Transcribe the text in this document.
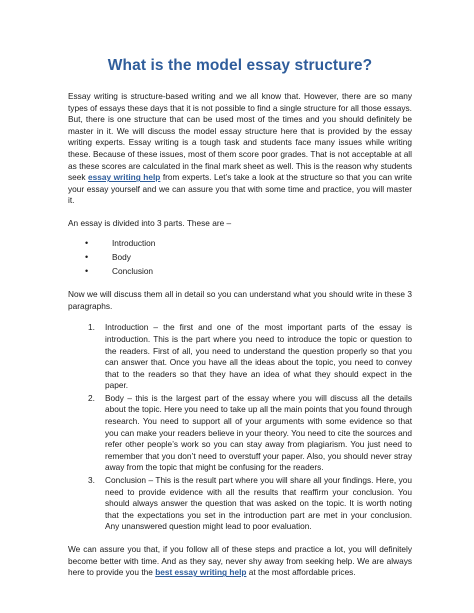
What is the model essay structure?

Essay writing is structure-based writing and we all know that. However, there are so many types of essays these days that it is not possible to find a single structure for all those essays. But, there is one structure that can be used most of the times and you should definitely be master in it. We will discuss the model essay structure here that is provided by the essay writing experts. Essay writing is a tough task and students face many issues while writing these. Because of these issues, most of them score poor grades. That is not acceptable at all as these scores are calculated in the final mark sheet as well. This is the reason why students seek essay writing help from experts. Let’s take a look at the structure so that you can write your essay yourself and we can assure you that with some time and practice, you will master it.

An essay is divided into 3 parts. These are –

• Introduction
• Body
• Conclusion

Now we will discuss them all in detail so you can understand what you should write in these 3 paragraphs.

1. Introduction – the first and one of the most important parts of the essay is introduction. This is the part where you need to introduce the topic or question to the readers. First of all, you need to understand the question properly so that you can answer that. Once you have all the ideas about the topic, you need to convey that to the readers so that they have an idea of what they should expect in the paper.
2. Body – this is the largest part of the essay where you will discuss all the details about the topic. Here you need to take up all the main points that you found through research. You need to support all of your arguments with some evidence so that you can make your readers believe in your theory. You need to cite the sources and refer other people’s work so you can stay away from plagiarism. You just need to remember that you don’t need to overstuff your paper. Also, you should never stray away from the topic that might be confusing for the readers.
3. Conclusion – This is the result part where you will share all your findings. Here, you need to provide evidence with all the results that reaffirm your conclusion. You should always answer the question that was asked on the topic. It is worth noting that the expectations you set in the introduction part are met in your conclusion. Any unanswered question might lead to poor evaluation.

We can assure you that, if you follow all of these steps and practice a lot, you will definitely become better with time. And as they say, never shy away from seeking help. We are always here to provide you the best essay writing help at the most affordable prices.
